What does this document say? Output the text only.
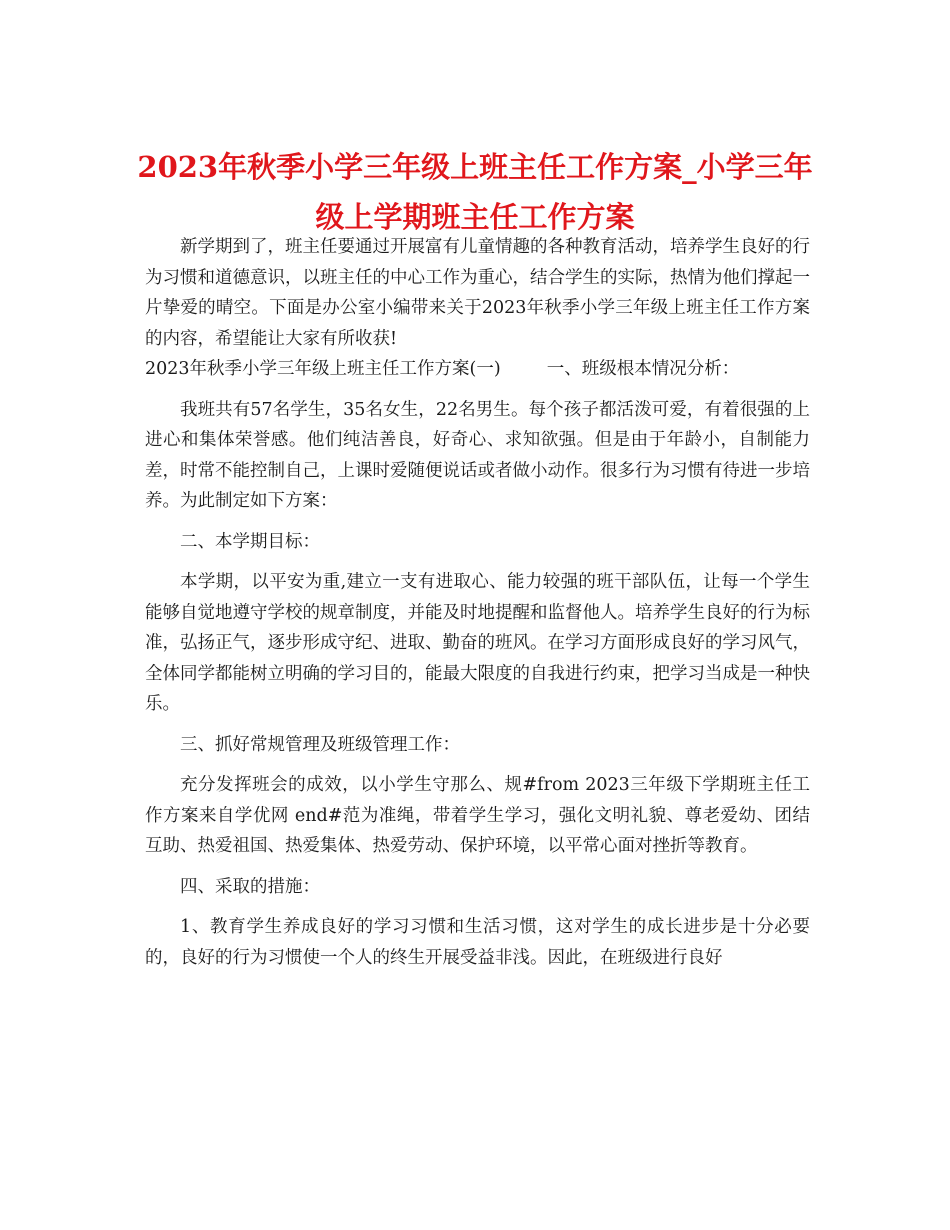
2023年秋季小学三年级上班主任工作方案_小学三年
级上学期班主任工作方案

新学期到了，班主任要通过开展富有儿童情趣的各种教育活动，培养学生良好的行为习惯和道德意识，以班主任的中心工作为重心，结合学生的实际，热情为他们撑起一片挚爱的晴空。下面是办公室小编带来关于2023年秋季小学三年级上班主任工作方案的内容，希望能让大家有所收获!

2023年秋季小学三年级上班主任工作方案(一)	一、班级根本情况分析：

我班共有57名学生，35名女生，22名男生。每个孩子都活泼可爱，有着很强的上进心和集体荣誉感。他们纯洁善良，好奇心、求知欲强。但是由于年龄小，自制能力差，时常不能控制自己，上课时爱随便说话或者做小动作。很多行为习惯有待进一步培养。为此制定如下方案：

二、本学期目标：

本学期，以平安为重,建立一支有进取心、能力较强的班干部队伍，让每一个学生能够自觉地遵守学校的规章制度，并能及时地提醒和监督他人。培养学生良好的行为标准，弘扬正气，逐步形成守纪、进取、勤奋的班风。在学习方面形成良好的学习风气，全体同学都能树立明确的学习目的，能最大限度的自我进行约束，把学习当成是一种快乐。

三、抓好常规管理及班级管理工作：

充分发挥班会的成效，以小学生守那么、规#from 2023三年级下学期班主任工作方案来自学优网 end#范为准绳，带着学生学习，强化文明礼貌、尊老爱幼、团结互助、热爱祖国、热爱集体、热爱劳动、保护环境，以平常心面对挫折等教育。

四、采取的措施：

1、教育学生养成良好的学习习惯和生活习惯，这对学生的成长进步是十分必要的，良好的行为习惯使一个人的终生开展受益非浅。因此，在班级进行良好
